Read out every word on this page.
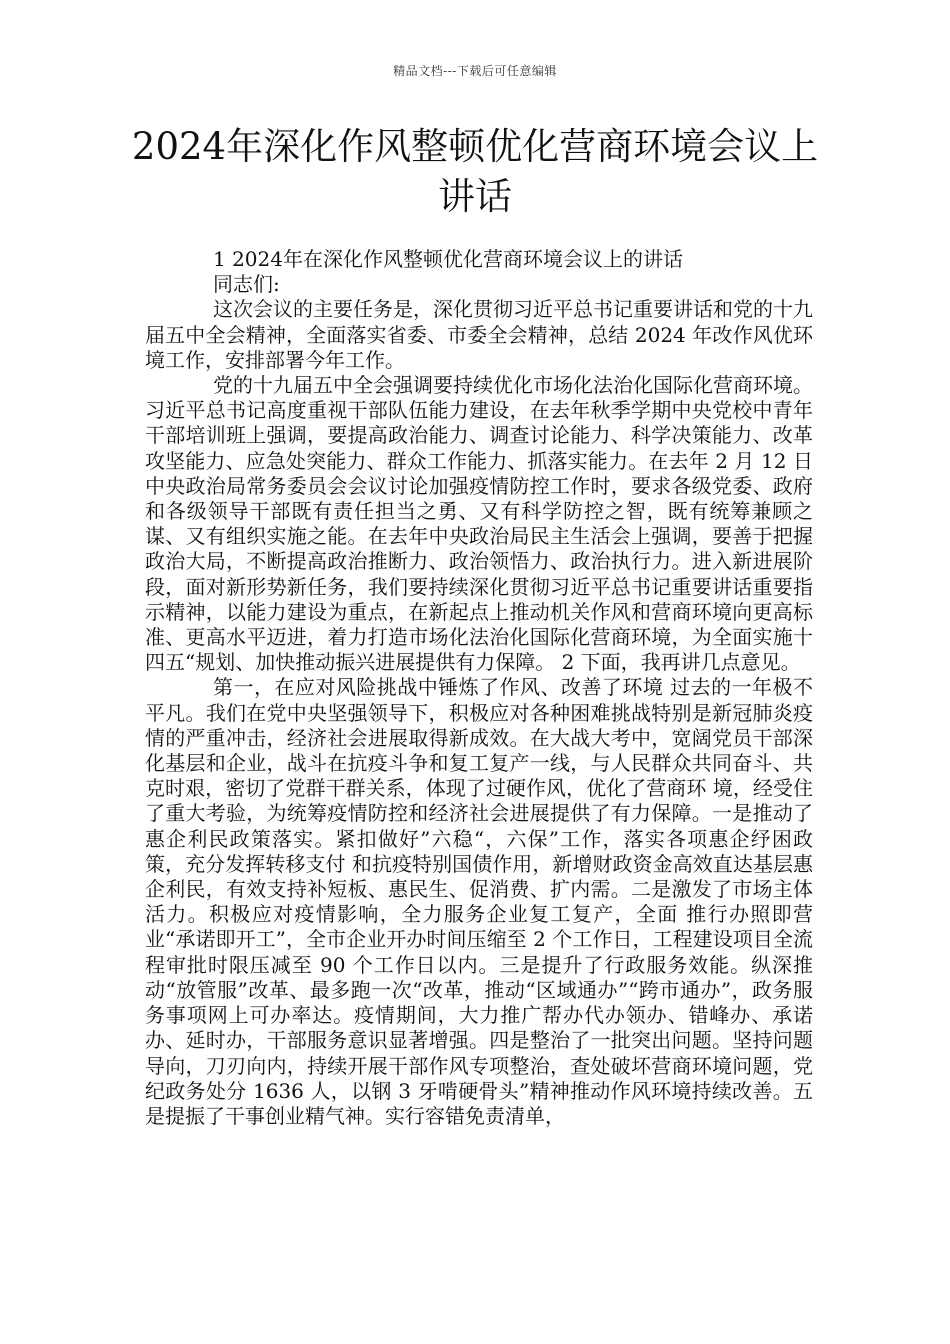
精品文档---下载后可任意编辑
2024年深化作风整顿优化营商环境会议上讲话

1 2024年在深化作风整顿优化营商环境会议上的讲话

同志们:

这次会议的主要任务是，深化贯彻习近平总书记重要讲话和党的十九届五中全会精神，全面落实省委、市委全会精神，总结 2024 年改作风优环境工作，安排部署今年工作。

党的十九届五中全会强调要持续优化市场化法治化国际化营商环境。习近平总书记高度重视干部队伍能力建设，在去年秋季学期中央党校中青年干部培训班上强调，要提高政治能力、调查讨论能力、科学决策能力、改革攻坚能力、应急处突能力、群众工作能力、抓落实能力。在去年 2 月 12 日中央政治局常务委员会会议讨论加强疫情防控工作时，要求各级党委、政府和各级领导干部既有责任担当之勇、又有科学防控之智，既有统筹兼顾之谋、又有组织实施之能。在去年中央政治局民主生活会上强调，要善于把握政治大局，不断提高政治推断力、政治领悟力、政治执行力。进入新进展阶段，面对新形势新任务，我们要持续深化贯彻习近平总书记重要讲话重要指示精神，以能力建设为重点，在新起点上推动机关作风和营商环境向更高标准、更高水平迈进，着力打造市场化法治化国际化营商环境，为全面实施十四五“规划、加快推动振兴进展提供有力保障。 2 下面，我再讲几点意见。

第一，在应对风险挑战中锤炼了作风、改善了环境 过去的一年极不平凡。我们在党中央坚强领导下，积极应对各种困难挑战特别是新冠肺炎疫情的严重冲击，经济社会进展取得新成效。在大战大考中，宽阔党员干部深化基层和企业，战斗在抗疫斗争和复工复产一线，与人民群众共同奋斗、共克时艰，密切了党群干群关系，体现了过硬作风，优化了营商环 境，经受住了重大考验，为统筹疫情防控和经济社会进展提供了有力保障。一是推动了惠企利民政策落实。紧扣做好”六稳“，六保”工作，落实各项惠企纾困政策，充分发挥转移支付 和抗疫特别国债作用，新增财政资金高效直达基层惠企利民，有效支持补短板、惠民生、促消费、扩内需。二是激发了市场主体活力。积极应对疫情影响，全力服务企业复工复产，全面 推行办照即营业“承诺即开工”，全市企业开办时间压缩至 2 个工作日，工程建设项目全流程审批时限压减至 90 个工作日以内。三是提升了行政服务效能。纵深推动“放管服”改革、最多跑一次“改革，推动“区域通办”“跨市通办”，政务服务事项网上可办率达。疫情期间，大力推广帮办代办领办、错峰办、承诺办、延时办，干部服务意识显著增强。四是整治了一批突出问题。坚持问题导向，刀刃向内，持续开展干部作风专项整治，查处破坏营商环境问题，党纪政务处分 1636 人，以钢 3 牙啃硬骨头”精神推动作风环境持续改善。五是提振了干事创业精气神。实行容错免责清单，
